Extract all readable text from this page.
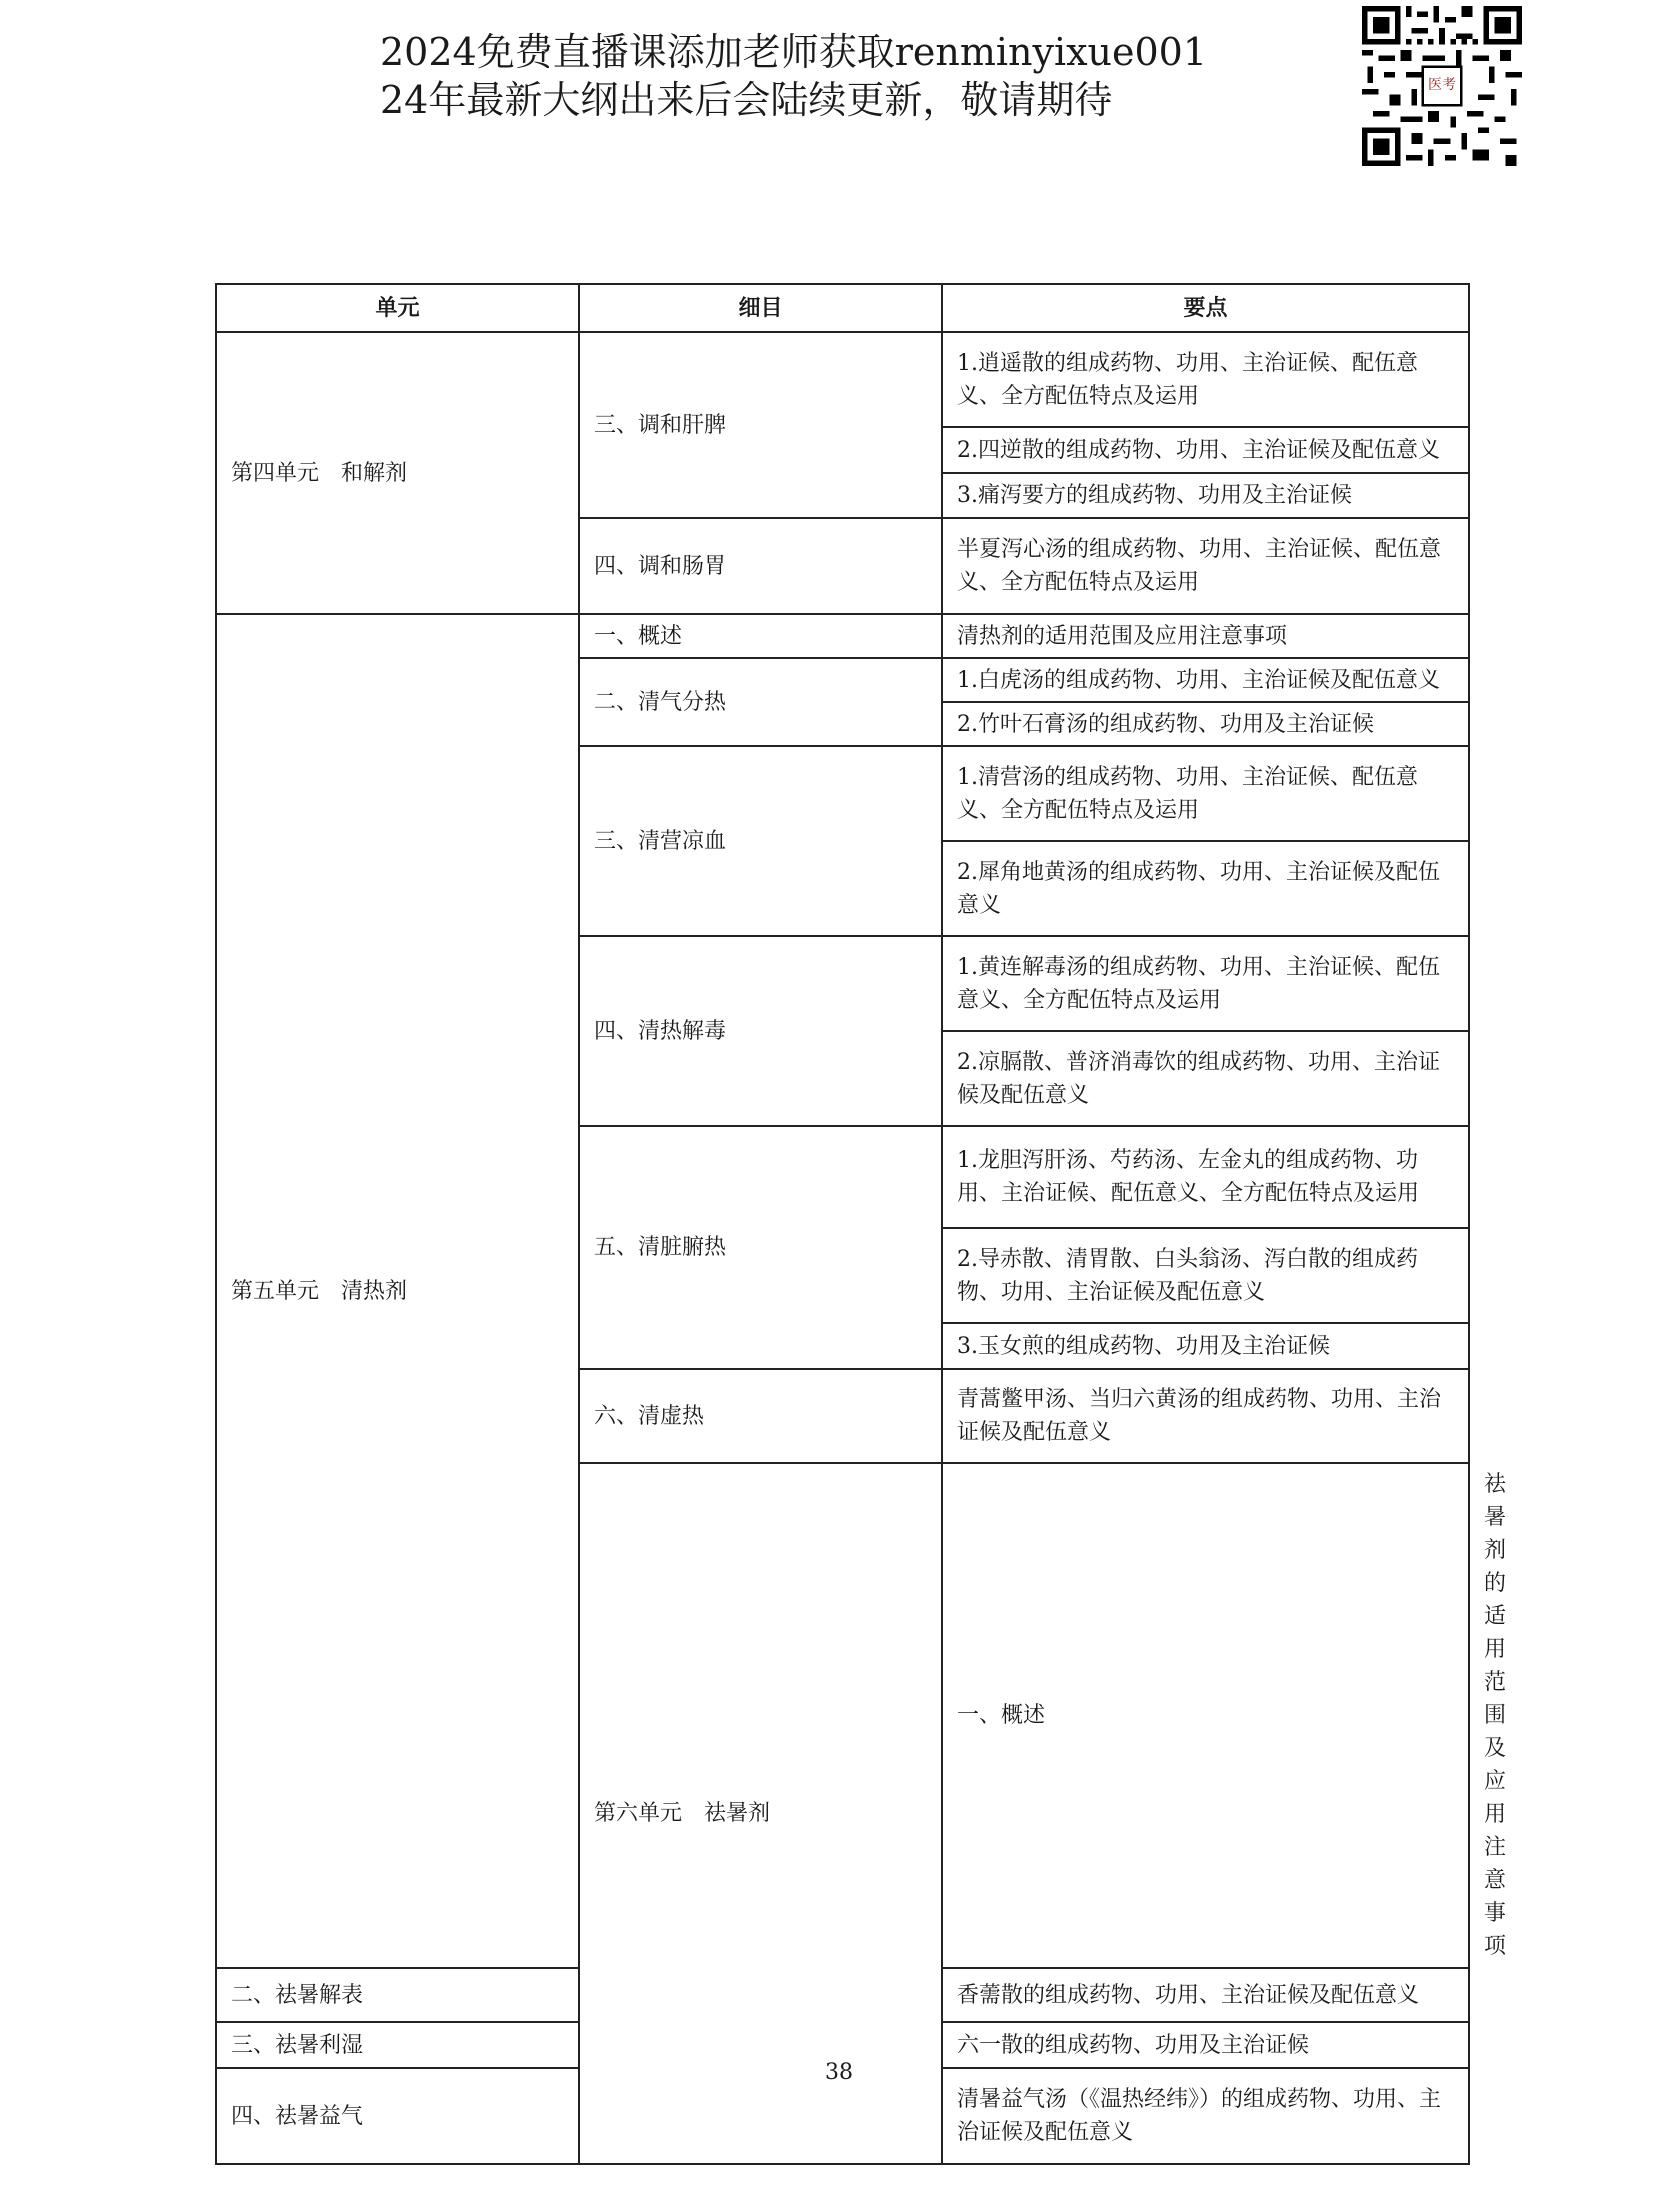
2024免费直播课添加老师获取renminyixue001
24年最新大纲出来后会陆续更新，敬请期待	医考
单元	细目	要点	
第四单元　和解剂	三、调和肝脾	1.逍遥散的组成药物、功用、主治证候、配伍意义、全方配伍特点及运用	
		2.四逆散的组成药物、功用、主治证候及配伍意义	
		3.痛泻要方的组成药物、功用及主治证候	
	四、调和肠胃	半夏泻心汤的组成药物、功用、主治证候、配伍意义、全方配伍特点及运用	
第五单元　清热剂	一、概述	清热剂的适用范围及应用注意事项	
	二、清气分热	1.白虎汤的组成药物、功用、主治证候及配伍意义	
		2.竹叶石膏汤的组成药物、功用及主治证候	
	三、清营凉血	1.清营汤的组成药物、功用、主治证候、配伍意义、全方配伍特点及运用	
		2.犀角地黄汤的组成药物、功用、主治证候及配伍意义	
	四、清热解毒	1.黄连解毒汤的组成药物、功用、主治证候、配伍意义、全方配伍特点及运用	
		2.凉膈散、普济消毒饮的组成药物、功用、主治证候及配伍意义	
	五、清脏腑热	1.龙胆泻肝汤、芍药汤、左金丸的组成药物、功用、主治证候、配伍意义、全方配伍特点及运用	
		2.导赤散、清胃散、白头翁汤、泻白散的组成药物、功用、主治证候及配伍意义	
		3.玉女煎的组成药物、功用及主治证候	
	六、清虚热	青蒿鳖甲汤、当归六黄汤的组成药物、功用、主治证候及配伍意义	
	第六单元　祛暑剂	一、概述	祛暑剂的适用范围及应用注意事项
二、祛暑解表		香薷散的组成药物、功用、主治证候及配伍意义	
三、祛暑利湿		六一散的组成药物、功用及主治证候	
四、祛暑益气		清暑益气汤（《温热经纬》）的组成药物、功用、主治证候及配伍意义	
38
